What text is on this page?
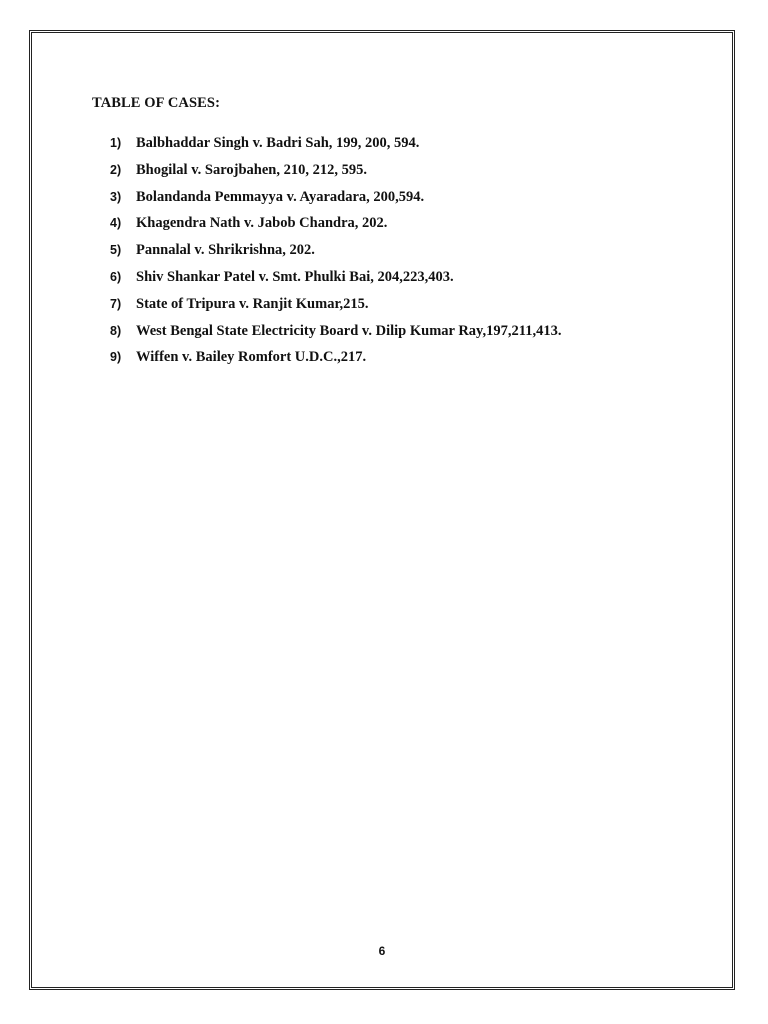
TABLE OF CASES:
1)	Balbhaddar Singh v. Badri Sah, 199, 200, 594.
2)	Bhogilal v. Sarojbahen, 210, 212, 595.
3)	Bolandanda Pemmayya v. Ayaradara, 200,594.
4)	Khagendra Nath v. Jabob Chandra, 202.
5)	Pannalal v. Shrikrishna, 202.
6)	Shiv Shankar Patel v. Smt. Phulki Bai, 204,223,403.
7)	State of Tripura v. Ranjit Kumar,215.
8)	West Bengal State Electricity Board v. Dilip Kumar Ray,197,211,413.
9)	Wiffen v. Bailey Romfort U.D.C.,217.
6
